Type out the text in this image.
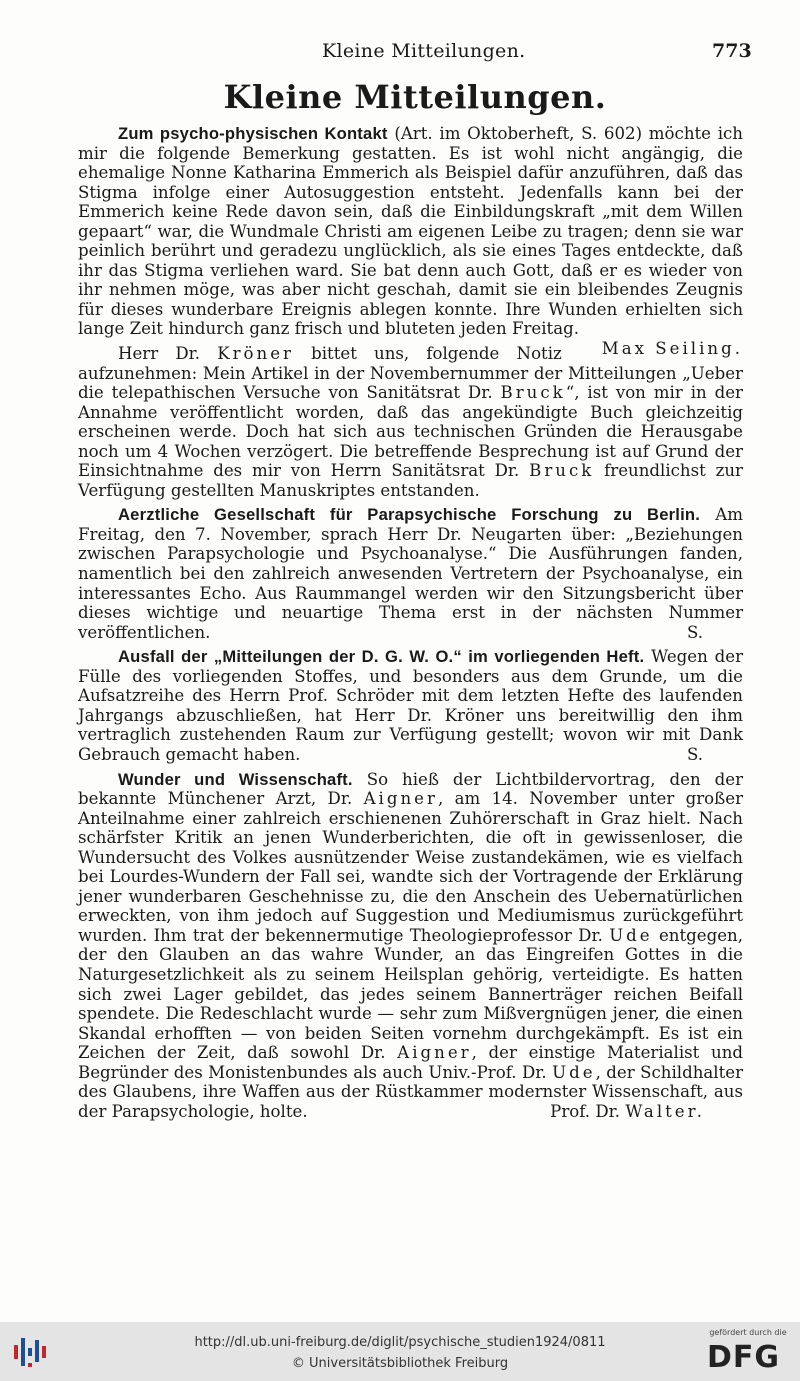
Kleine Mitteilungen.	773
Kleine Mitteilungen.

Zum psycho-physischen Kontakt (Art. im Oktoberheft, S. 602) möchte ich mir die folgende Bemerkung gestatten. Es ist wohl nicht angängig, die ehemalige Nonne Katharina Emmerich als Beispiel dafür anzuführen, daß das Stigma infolge einer Autosuggestion entsteht. Jedenfalls kann bei der Emmerich keine Rede davon sein, daß die Einbildungskraft „mit dem Willen gepaart“ war, die Wundmale Christi am eigenen Leibe zu tragen; denn sie war peinlich berührt und geradezu unglücklich, als sie eines Tages entdeckte, daß ihr das Stigma verliehen ward. Sie bat denn auch Gott, daß er es wieder von ihr nehmen möge, was aber nicht geschah, damit sie ein bleibendes Zeugnis für dieses wunderbare Ereignis ablegen konnte. Ihre Wunden erhielten sich lange Zeit hindurch ganz frisch und bluteten jeden Freitag.
Max Seiling.

Herr Dr. Kröner bittet uns, folgende Notiz aufzunehmen: Mein Artikel in der Novembernummer der Mitteilungen „Ueber die telepathischen Versuche von Sanitätsrat Dr. Bruck“, ist von mir in der Annahme veröffentlicht worden, daß das angekündigte Buch gleichzeitig erscheinen werde. Doch hat sich aus technischen Gründen die Herausgabe noch um 4 Wochen verzögert. Die betreffende Besprechung ist auf Grund der Einsichtnahme des mir von Herrn Sanitätsrat Dr. Bruck freundlichst zur Verfügung gestellten Manuskriptes entstanden.

Aerztliche Gesellschaft für Parapsychische Forschung zu Berlin. Am Freitag, den 7. November, sprach Herr Dr. Neugarten über: „Beziehungen zwischen Parapsychologie und Psychoanalyse.“ Die Ausführungen fanden, namentlich bei den zahlreich anwesenden Vertretern der Psychoanalyse, ein interessantes Echo. Aus Raummangel werden wir den Sitzungsbericht über dieses wichtige und neuartige Thema erst in der nächsten Nummer veröffentlichen.	S.

Ausfall der „Mitteilungen der D. G. W. O.“ im vorliegenden Heft. Wegen der Fülle des vorliegenden Stoffes, und besonders aus dem Grunde, um die Aufsatzreihe des Herrn Prof. Schröder mit dem letzten Hefte des laufenden Jahrgangs abzuschließen, hat Herr Dr. Kröner uns bereitwillig den ihm vertraglich zustehenden Raum zur Verfügung gestellt; wovon wir mit Dank Gebrauch gemacht haben.	S.

Wunder und Wissenschaft. So hieß der Lichtbildervortrag, den der bekannte Münchener Arzt, Dr. Aigner, am 14. November unter großer Anteilnahme einer zahlreich erschienenen Zuhörerschaft in Graz hielt. Nach schärfster Kritik an jenen Wunderberichten, die oft in gewissenloser, die Wundersucht des Volkes ausnützender Weise zustandekämen, wie es vielfach bei Lourdes-Wundern der Fall sei, wandte sich der Vortragende der Erklärung jener wunderbaren Geschehnisse zu, die den Anschein des Uebernatürlichen erweckten, von ihm jedoch auf Suggestion und Mediumismus zurückgeführt wurden. Ihm trat der bekennermutige Theologieprofessor Dr. Ude entgegen, der den Glauben an das wahre Wunder, an das Eingreifen Gottes in die Naturgesetzlichkeit als zu seinem Heilsplan gehörig, verteidigte. Es hatten sich zwei Lager gebildet, das jedes seinem Bannerträger reichen Beifall spendete. Die Redeschlacht wurde — sehr zum Mißvergnügen jener, die einen Skandal erhofften — von beiden Seiten vornehm durchgekämpft. Es ist ein Zeichen der Zeit, daß sowohl Dr. Aigner, der einstige Materialist und Begründer des Monistenbundes als auch Univ.-Prof. Dr. Ude, der Schildhalter des Glaubens, ihre Waffen aus der Rüstkammer modernster Wissenschaft, aus der Parapsychologie, holte.	Prof. Dr. Walter.

http://dl.ub.uni-freiburg.de/diglit/psychische_studien1924/0811
© Universitätsbibliothek Freiburg
gefördert durch die
DFG
